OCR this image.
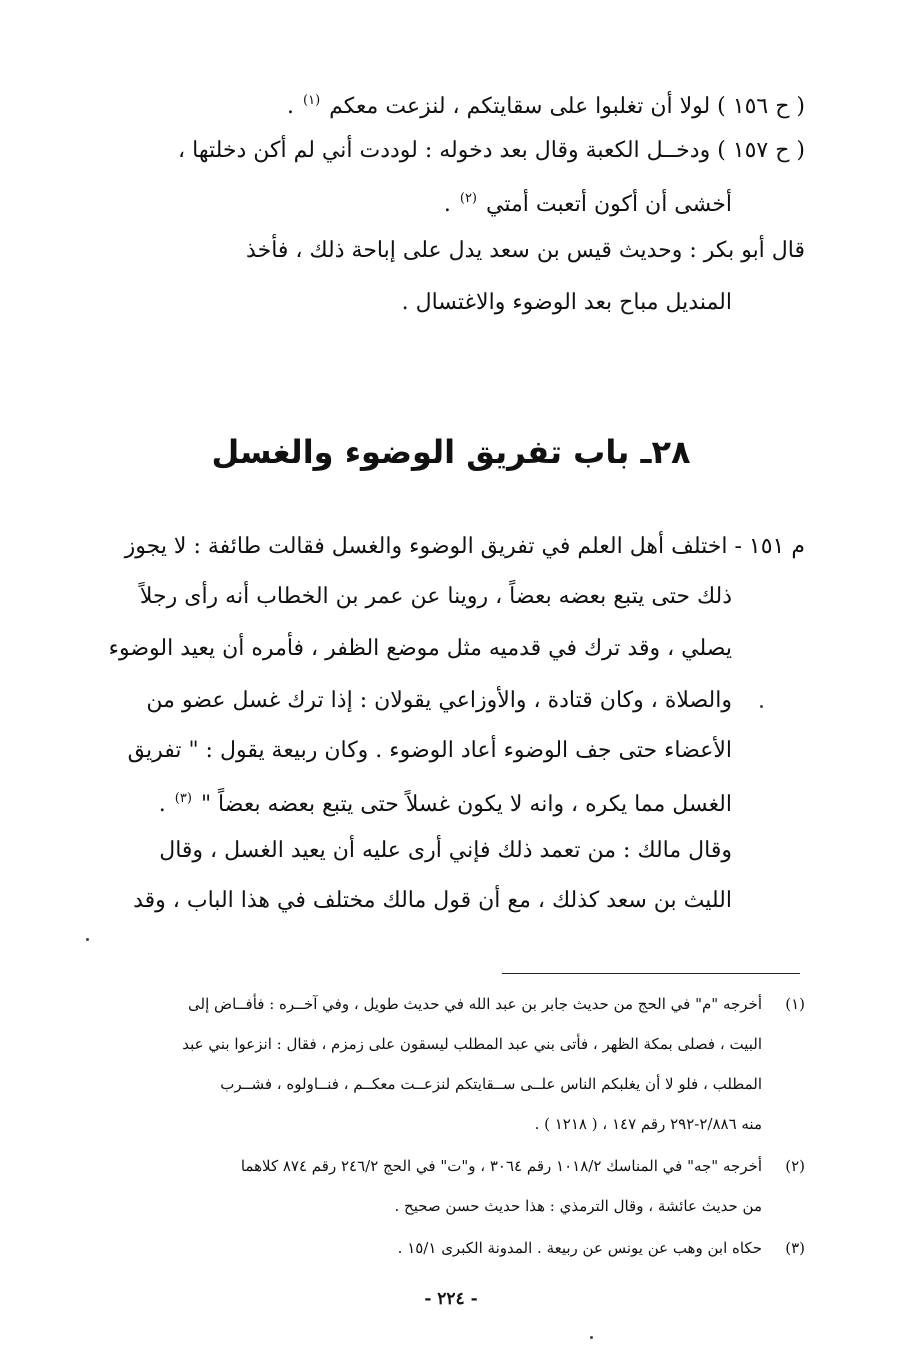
( ح ١٥٦ ) لولا أن تغلبوا على سقايتكم ، لنزعت معكم $^{(١)}$ .
( ح ١٥٧ ) ودخــل الكعبة وقال بعد دخوله : لوددت أني لم أكن دخلتها ،
أخشى أن أكون أتعبت أمتي $^{(٢)}$ .
قال أبو بكر : وحديث قيس بن سعد يدل على إباحة ذلك ، فأخذ
المنديل مباح بعد الوضوء والاغتسال .
٢٨ـ باب تفريق الوضوء والغسل
م ١٥١ - اختلف أهل العلم في تفريق الوضوء والغسل فقالت طائفة : لا يجوز
ذلك حتى يتبع بعضه بعضاً ، روينا عن عمر بن الخطاب أنه رأى رجلاً
يصلي ، وقد ترك في قدميه مثل موضع الظفر ، فأمره أن يعيد الوضوء
والصلاة ، وكان قتادة ، والأوزاعي يقولان : إذا ترك غسل عضو من
الأعضاء حتى جف الوضوء أعاد الوضوء . وكان ربيعة يقول : " تفريق
الغسل مما يكره ، وانه لا يكون غسلاً حتى يتبع بعضه بعضاً " $^{(٣)}$ .
وقال مالك : من تعمد ذلك فإني أرى عليه أن يعيد الغسل ، وقال
الليث بن سعد كذلك ، مع أن قول مالك مختلف في هذا الباب ، وقد
(١)
أخرجه "م" في الحج من حديث جابر بن عبد الله في حديث طويل ، وفي آخــره : فأفــاض إلى
البيت ، فصلى بمكة الظهر ، فأتى بني عبد المطلب ليسقون على زمزم ، فقال : انزعوا بني عبد
المطلب ، فلو لا أن يغلبكم الناس علــى ســقايتكم لنزعــت معكــم ، فنــاولوه ، فشــرب
منه ٢/٨٨٦-٢٩٢ رقم ١٤٧ ، ( ١٢١٨ ) .
(٢)
أخرجه "جه" في المناسك ١٠١٨/٢ رقم ٣٠٦٤ ، و"ت" في الحج ٢٤٦/٢ رقم ٨٧٤ كلاهما
من حديث عائشة ، وقال الترمذي : هذا حديث حسن صحيح .
(٣)
حكاه ابن وهب عن يونس عن ربيعة . المدونة الكبرى ١٥/١ .
- ٢٢٤ -
